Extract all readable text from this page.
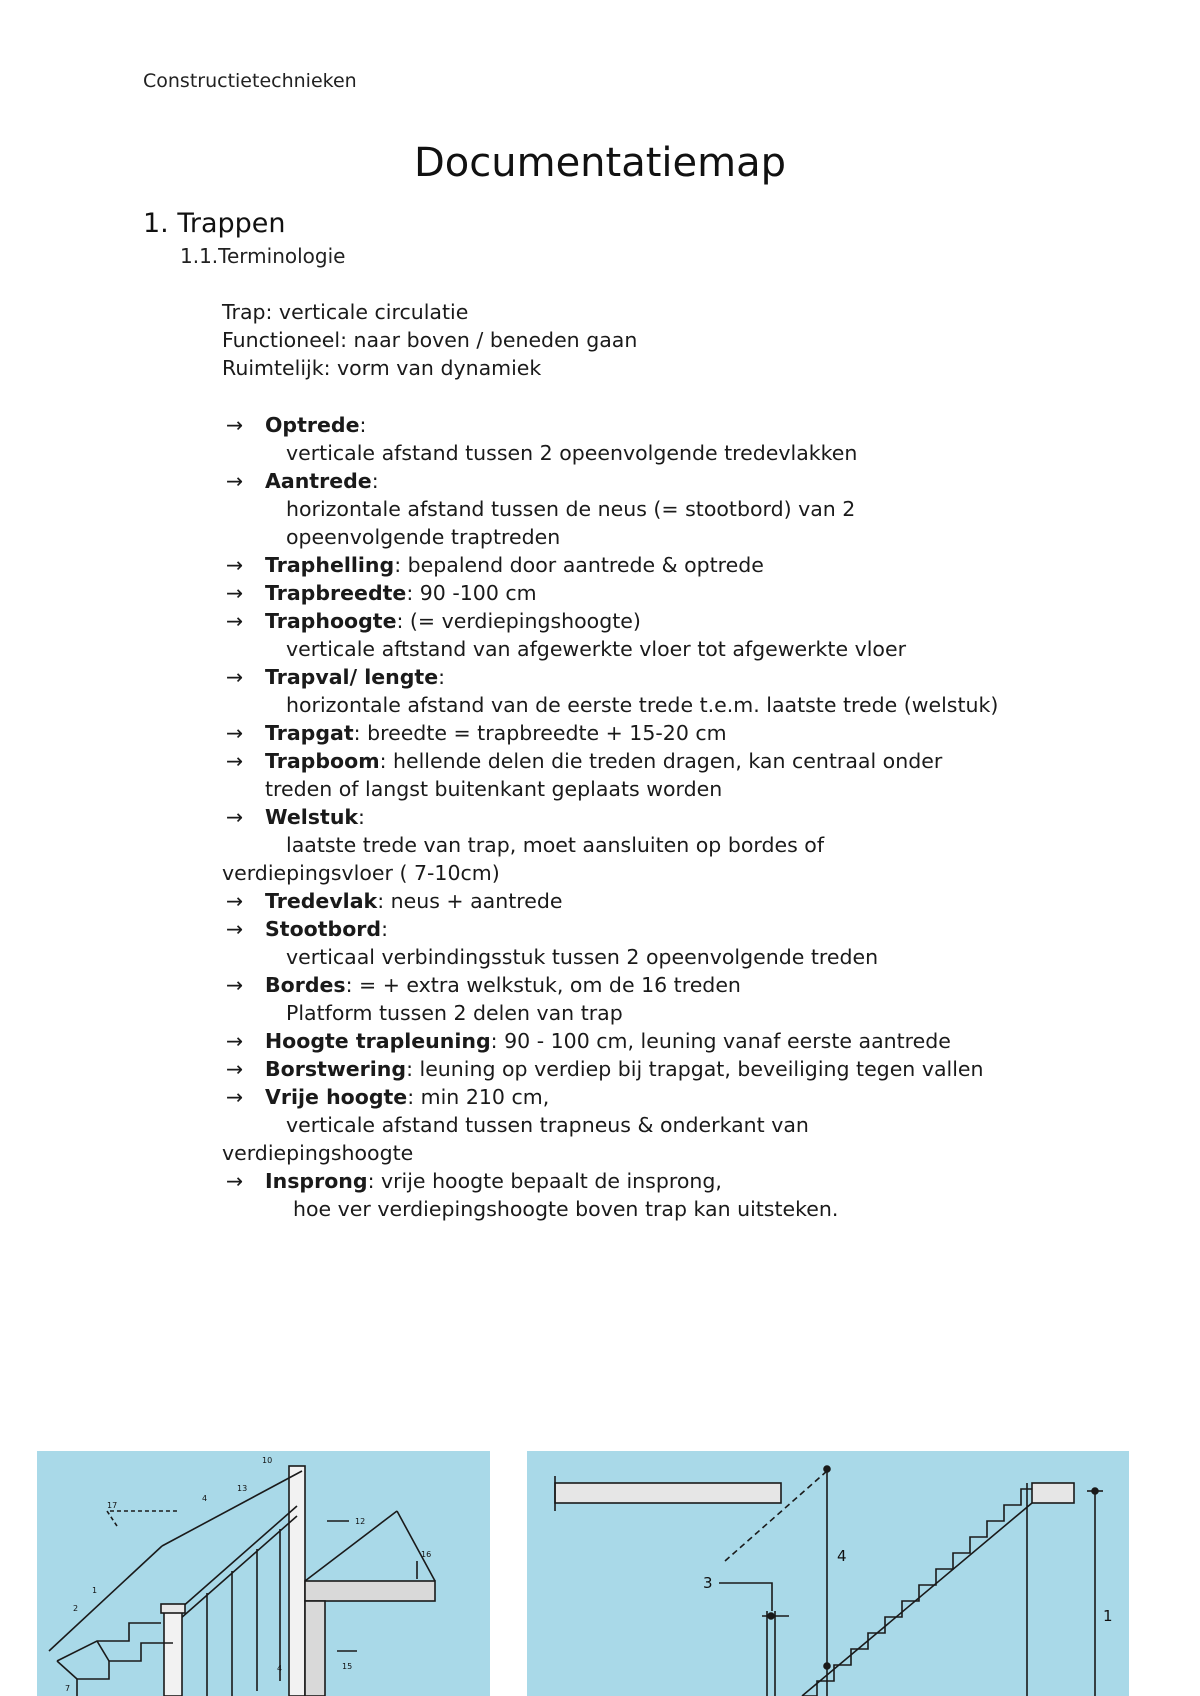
Constructietechnieken
Documentatiemap
1. Trappen
1.1.Terminologie
Trap: verticale circulatie
Functioneel: naar boven / beneden gaan
Ruimtelijk: vorm van dynamiek
→ Optrede:
verticale afstand tussen 2 opeenvolgende tredevlakken
→ Aantrede:
horizontale afstand tussen de neus (= stootbord) van 2
opeenvolgende traptreden
→ Traphelling: bepalend door aantrede & optrede
→ Trapbreedte: 90 -100 cm
→ Traphoogte: (= verdiepingshoogte)
verticale aftstand van afgewerkte vloer tot afgewerkte vloer
→ Trapval/ lengte:
horizontale afstand van de eerste trede t.e.m. laatste trede (welstuk)
→ Trapgat: breedte = trapbreedte + 15-20 cm
→ Trapboom: hellende delen die treden dragen, kan centraal onder
treden of langst buitenkant geplaats worden
→ Welstuk:
laatste trede van trap, moet aansluiten op bordes of
verdiepingsvloer ( 7-10cm)
→ Tredevlak: neus + aantrede
→ Stootbord:
verticaal verbindingsstuk tussen 2 opeenvolgende treden
→ Bordes: = + extra welkstuk, om de 16 treden
Platform tussen 2 delen van trap
→ Hoogte trapleuning: 90 - 100 cm, leuning vanaf eerste aantrede
→ Borstwering: leuning op verdiep bij trapgat, beveiliging tegen vallen
→ Vrije hoogte: min 210 cm,
verticale afstand tussen trapneus & onderkant van
verdiepingshoogte
→ Insprong: vrije hoogte bepaalt de insprong,
hoe ver verdiepingshoogte boven trap kan uitsteken.
10
13
4
17
12
16
1
2
7
4	15
4
3
1
